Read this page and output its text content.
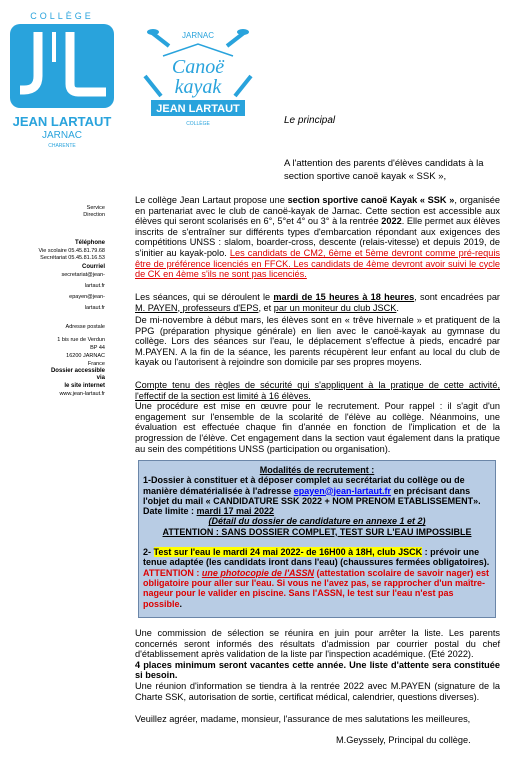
COLLÈGE
JEAN LARTAUT
JARNAC
CHARENTE
JARNAC
Canoë
kayak
JEAN LARTAUT
COLLÈGE	Le principal
A l'attention des parents d'élèves candidats à la section sportive canoë kayak « SSK »,
Service
Direction
Téléphone
Vie scolaire 05.45.81.79.68
Secrétariat 05.45.81.16.53
Courriel
secretariat@jean-
lartaut.fr
epayen@jean-
lartaut.fr
Adresse postale
1 bis rue de Verdun
BP 44
16200 JARNAC
France
Dossier accessible
via
le site internet
www.jean-lartaut.fr
Le collège Jean Lartaut propose une section sportive canoë Kayak « SSK », organisée en partenariat avec le club de canoë-kayak de Jarnac. Cette section est accessible aux élèves qui seront scolarisés en 6°, 5°et 4° ou 3° à la rentrée 2022. Elle permet aux élèves inscrits de s'entraîner sur différents types d'embarcation répondant aux exigences des compétitions UNSS : slalom, boarder-cross, descente (relais-vitesse) et depuis 2019, de s'initier au kayak-polo. Les candidats de CM2, 6ème et 5ème devront comme pré-requis être de préférence licenciés en FFCK. Les candidats de 4ème devront avoir suivi le cycle de CK en 4ème s'ils ne sont pas licenciés.
Les séances, qui se déroulent le mardi de 15 heures à 18 heures, sont encadrées par M. PAYEN, professeurs d'EPS, et par un moniteur du club JSCK.
De mi-novembre à début mars, les élèves sont en « trêve hivernale » et pratiquent de la PPG (préparation physique générale) en lien avec le canoë-kayak au gymnase du collège. Lors des séances sur l'eau, le déplacement s'effectue à pieds, encadré par M.PAYEN. A la fin de la séance, les parents récupèrent leur enfant au local du club de kayak ou l'autorisent à rejoindre son domicile par ses propres moyens.
Compte tenu des règles de sécurité qui s'appliquent à la pratique de cette activité, l'effectif de la section est limité à 16 élèves.
Une procédure est mise en œuvre pour le recrutement. Pour rappel : il s'agit d'un engagement sur l'ensemble de la scolarité de l'élève au collège. Néanmoins, une évaluation est effectuée chaque fin d'année en fonction de l'implication et de la progression de l'élève. Cet engagement dans la section vaut également dans la pratique au sein des compétitions UNSS (participation ou organisation).
Modalités de recrutement :
1-Dossier à constituer et à déposer complet au secrétariat du collège ou de manière dématérialisée à l'adresse epayen@jean-lartaut.fr en précisant dans l'objet du mail « CANDIDATURE SSK 2022 + NOM PRENOM ETABLISSEMENT».
Date limite : mardi 17 mai 2022
(Détail du dossier de candidature en annexe 1 et 2)
ATTENTION : SANS DOSSIER COMPLET, TEST SUR L'EAU IMPOSSIBLE
2- Test sur l'eau le mardi 24 mai 2022- de 16H00 à 18H, club JSCK : prévoir une tenue adaptée (les candidats iront dans l'eau) (chaussures fermées obligatoires). ATTENTION : une photocopie de l'ASSN (attestation scolaire de savoir nager) est obligatoire pour aller sur l'eau. Si vous ne l'avez pas, se rapprocher d'un maître-nageur pour le valider en piscine. Sans l'ASSN, le test sur l'eau n'est pas possible.
Une commission de sélection se réunira en juin pour arrêter la liste. Les parents concernés seront informés des résultats d'admission par courrier postal du chef d'établissement après validation de la liste par l'inspection académique. (Eté 2022).
4 places minimum seront vacantes cette année. Une liste d'attente sera constituée si besoin.
Une réunion d'information se tiendra à la rentrée 2022 avec M.PAYEN (signature de la Charte SSK, autorisation de sortie, certificat médical, calendrier, questions diverses).
Veuillez agréer, madame, monsieur, l'assurance de mes salutations les meilleures,
M.Geyssely, Principal du collège.
